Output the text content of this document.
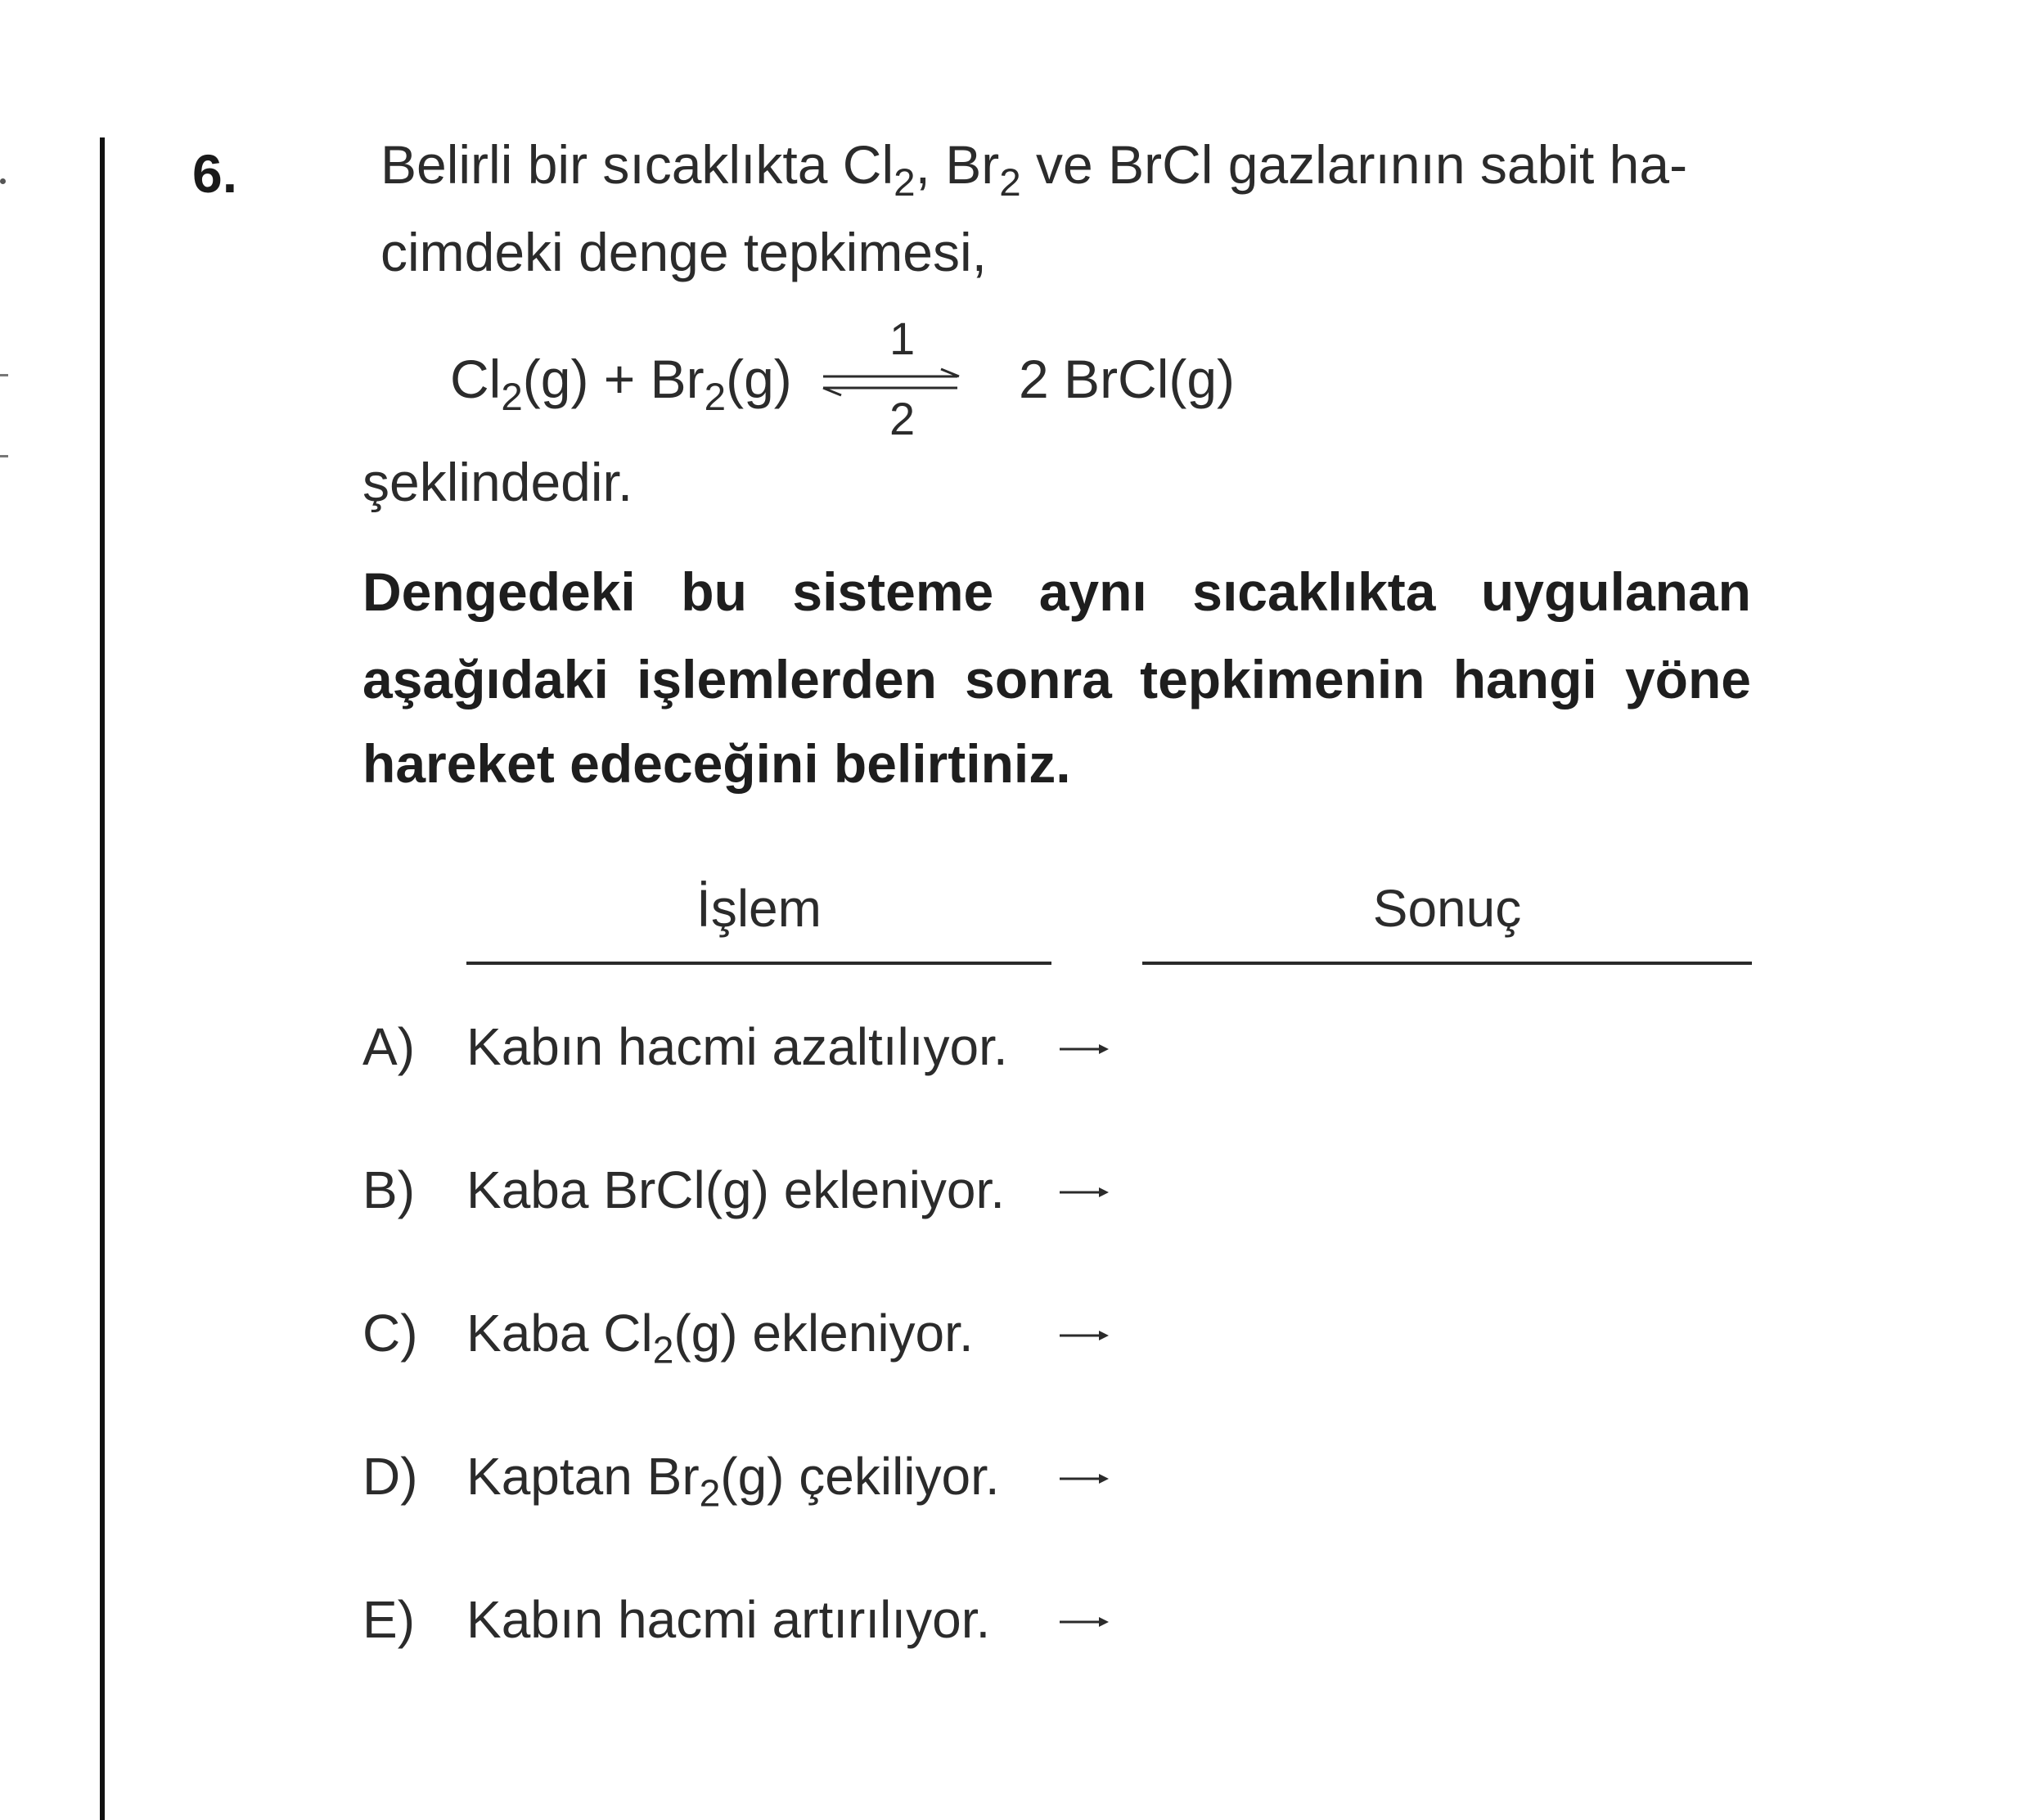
6.	Belirli bir sıcaklıkta $Cl_2$, $Br_2$ ve BrCl gazlarının sabit ha-
cimdeki denge tepkimesi,
$Cl_2(g) + Br_2(g)$
1
2
2 BrCl(g)
şeklindedir.
Dengedeki bu sisteme aynı sıcaklıkta uygulanan
aşağıdaki işlemlerden sonra tepkimenin hangi yöne
hareket edeceğini belirtiniz.
İşlem	Sonuç
A) Kabın hacmi azaltılıyor.
B) Kaba BrCl(g) ekleniyor.
C) Kaba $Cl_2(g)$ ekleniyor.
D) Kaptan $Br_2(g)$ çekiliyor.
E) Kabın hacmi artırılıyor.
